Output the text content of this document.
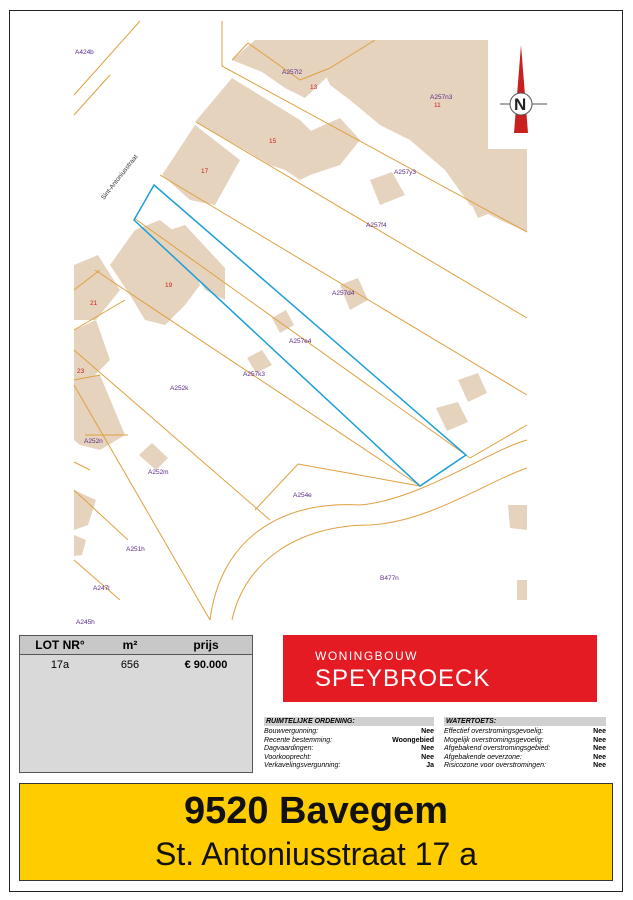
Sint-Antoniusstraat
A424b
A257l2
A257n3
A257y3
A257f4
A257d4
A257e4
A257k3
A252k
A252n
A252m
A254e
A251h
A247l
B477n
A245h
13
11
15
17
19
21
23
N
LOT NR°	m²	prijs
17a	656	€ 90.000
WONINGBOUW
SPEYBROECK
RUIMTELIJKE ORDENING:
Bouwvergunning:	Nee
Recente bestemming:	Woongebied
Dagvaardingen:	Nee
Voorkooprecht:	Nee
Verkavelingsvergunning:	Ja
WATERTOETS:
Effectief overstromingsgevoelig:	Nee
Mogelijk overstromingsgevoelig:	Nee
Afgebakend overstromingsgebied:	Nee
Afgebakende oeverzone:	Nee
Risicozone voor overstromingen:	Nee
9520 Bavegem
St. Antoniusstraat 17 a
